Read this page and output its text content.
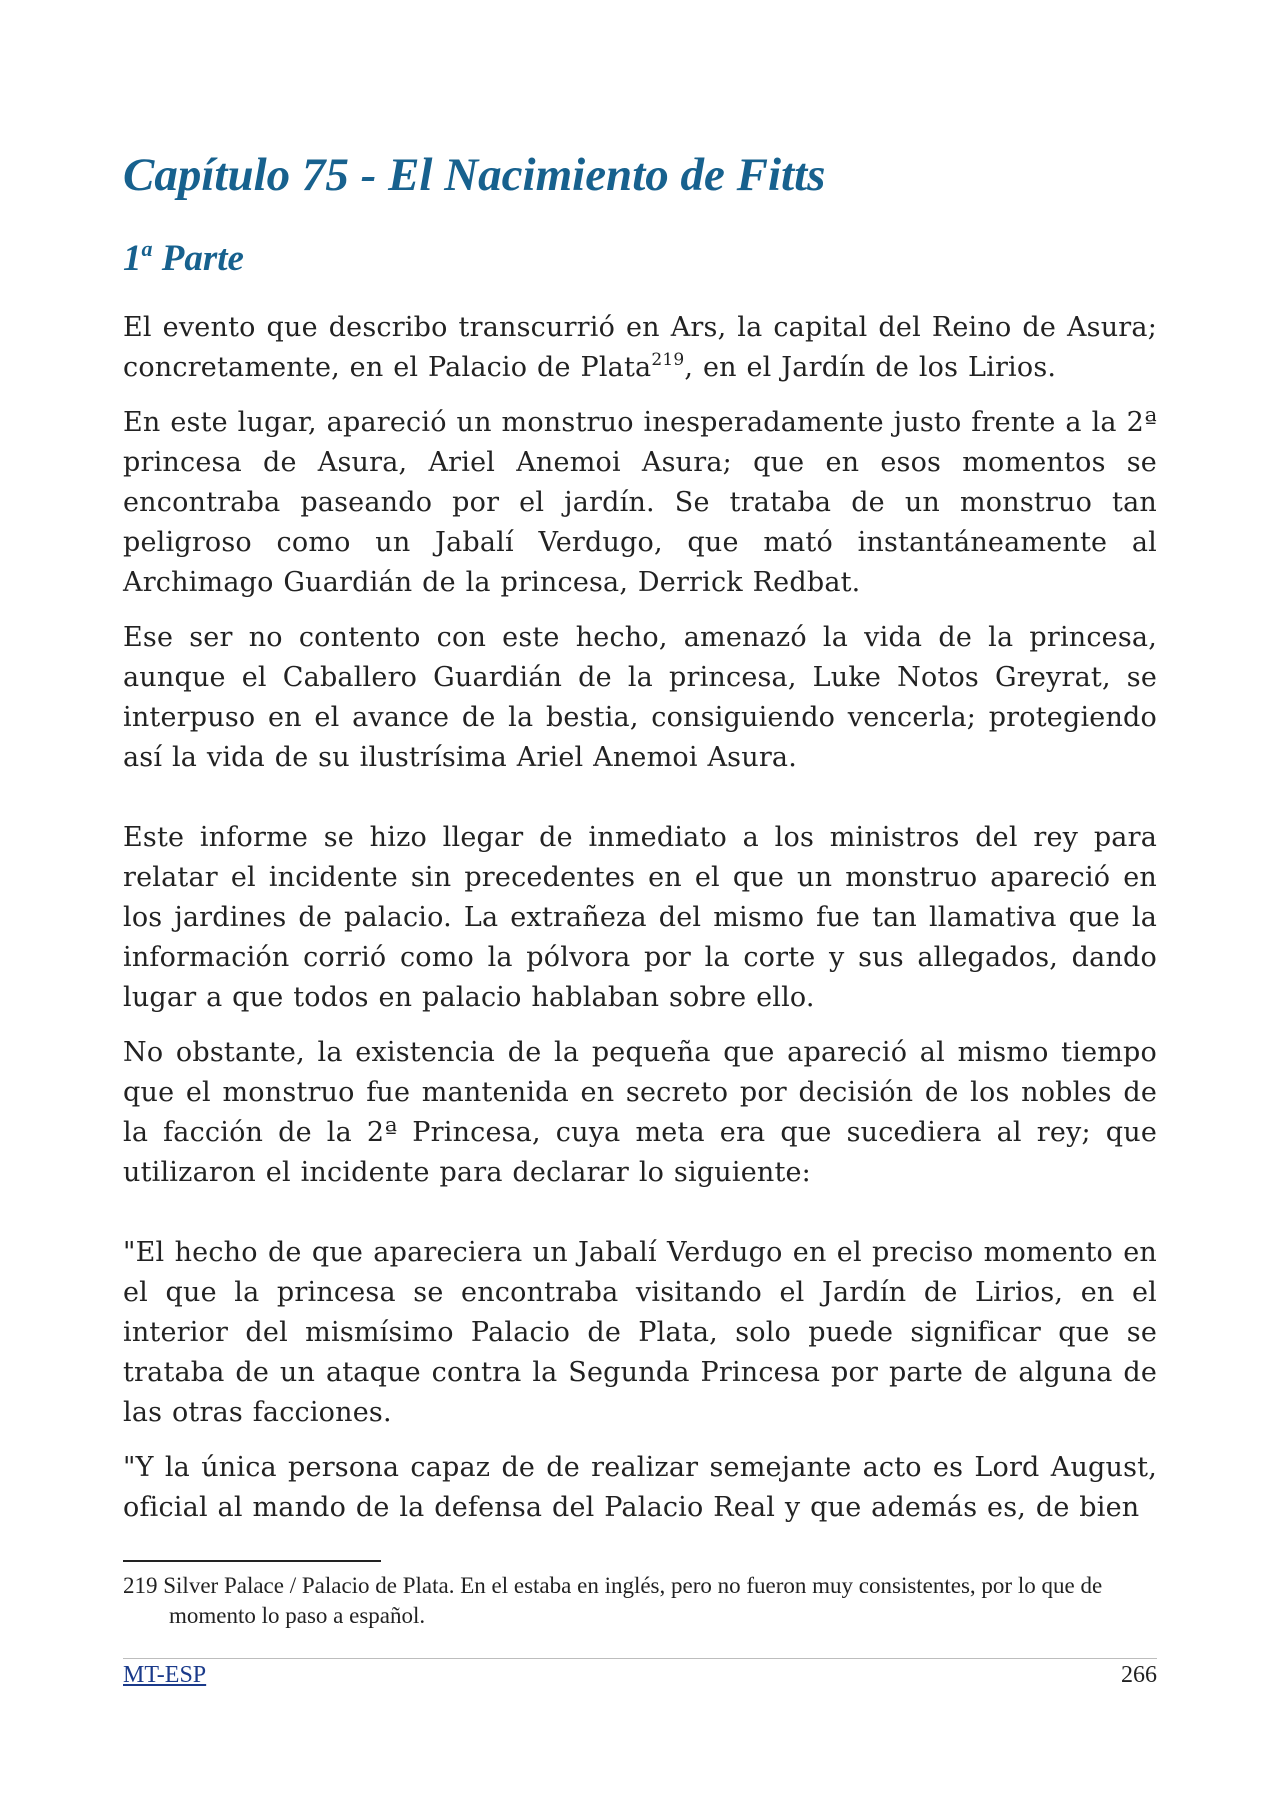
Capítulo 75 - El Nacimiento de Fitts
1$^a$ Parte

El evento que describo transcurrió en Ars, la capital del Reino de Asura; concretamente, en el Palacio de Plata$^{219}$, en el Jardín de los Lirios.

En este lugar, apareció un monstruo inesperadamente justo frente a la 2ª princesa de Asura, Ariel Anemoi Asura; que en esos momentos se encontraba paseando por el jardín. Se trataba de un monstruo tan peligroso como un Jabalí Verdugo, que mató instantáneamente al Archimago Guardián de la princesa, Derrick Redbat.

Ese ser no contento con este hecho, amenazó la vida de la princesa, aunque el Caballero Guardián de la princesa, Luke Notos Greyrat, se interpuso en el avance de la bestia, consiguiendo vencerla; protegiendo así la vida de su ilustrísima Ariel Anemoi Asura.

Este informe se hizo llegar de inmediato a los ministros del rey para relatar el incidente sin precedentes en el que un monstruo apareció en los jardines de palacio. La extrañeza del mismo fue tan llamativa que la información corrió como la pólvora por la corte y sus allegados, dando lugar a que todos en palacio hablaban sobre ello.

No obstante, la existencia de la pequeña que apareció al mismo tiempo que el monstruo fue mantenida en secreto por decisión de los nobles de la facción de la 2ª Princesa, cuya meta era que sucediera al rey; que utilizaron el incidente para declarar lo siguiente:

"El hecho de que apareciera un Jabalí Verdugo en el preciso momento en el que la princesa se encontraba visitando el Jardín de Lirios, en el interior del mismísimo Palacio de Plata, solo puede significar que se trataba de un ataque contra la Segunda Princesa por parte de alguna de las otras facciones.

"Y la única persona capaz de de realizar semejante acto es Lord August, oficial al mando de la defensa del Palacio Real y que además es, de bien

219 Silver Palace / Palacio de Plata. En el estaba en inglés, pero no fueron muy consistentes, por lo que de momento lo paso a español.

MT-ESP	266
